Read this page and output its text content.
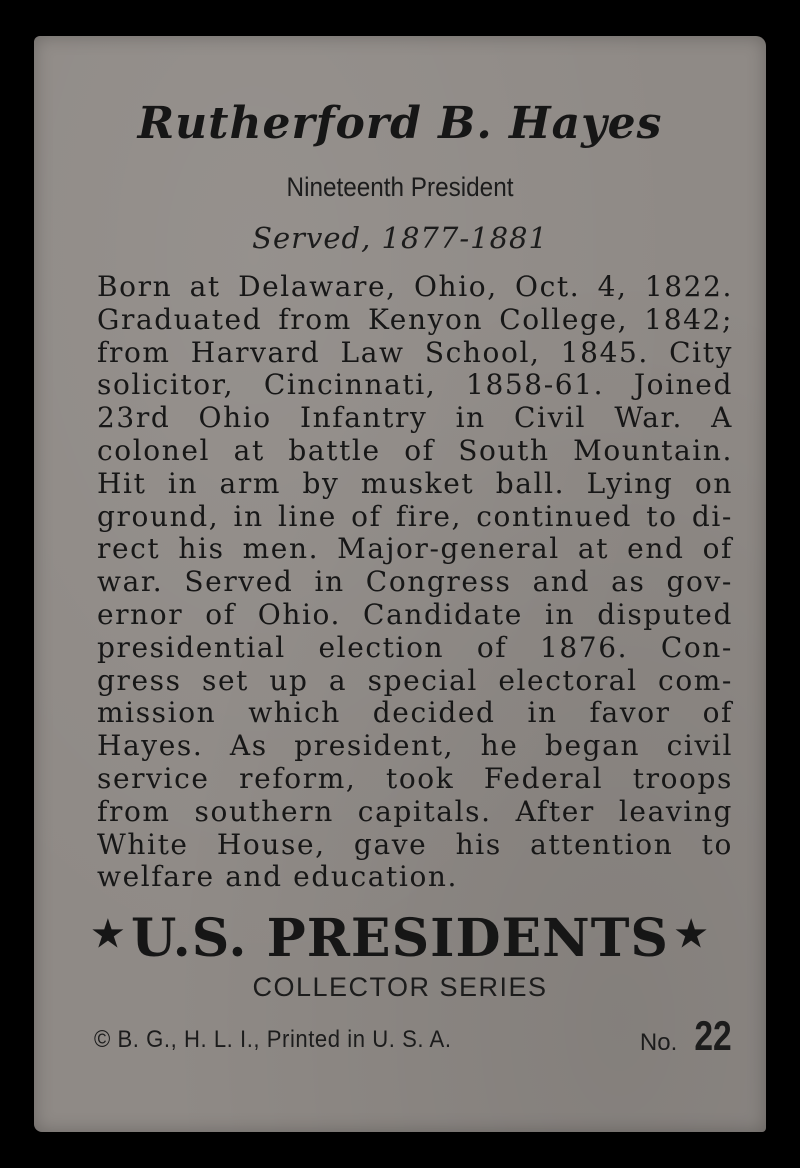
Rutherford B. Hayes
Nineteenth President
Served, 1877-1881
Born at Delaware, Ohio, Oct. 4, 1822.
Graduated from Kenyon College, 1842;
from Harvard Law School, 1845. City
solicitor, Cincinnati, 1858-61. Joined
23rd Ohio Infantry in Civil War. A
colonel at battle of South Mountain.
Hit in arm by musket ball. Lying on
ground, in line of fire, continued to di-
rect his men. Major-general at end of
war. Served in Congress and as gov-
ernor of Ohio. Candidate in disputed
presidential election of 1876. Con-
gress set up a special electoral com-
mission which decided in favor of
Hayes. As president, he began civil
service reform, took Federal troops
from southern capitals. After leaving
White House, gave his attention to
welfare and education.
★ U.S. PRESIDENTS ★
COLLECTOR SERIES
© B. G., H. L. I., Printed in U. S. A.	No. 22
